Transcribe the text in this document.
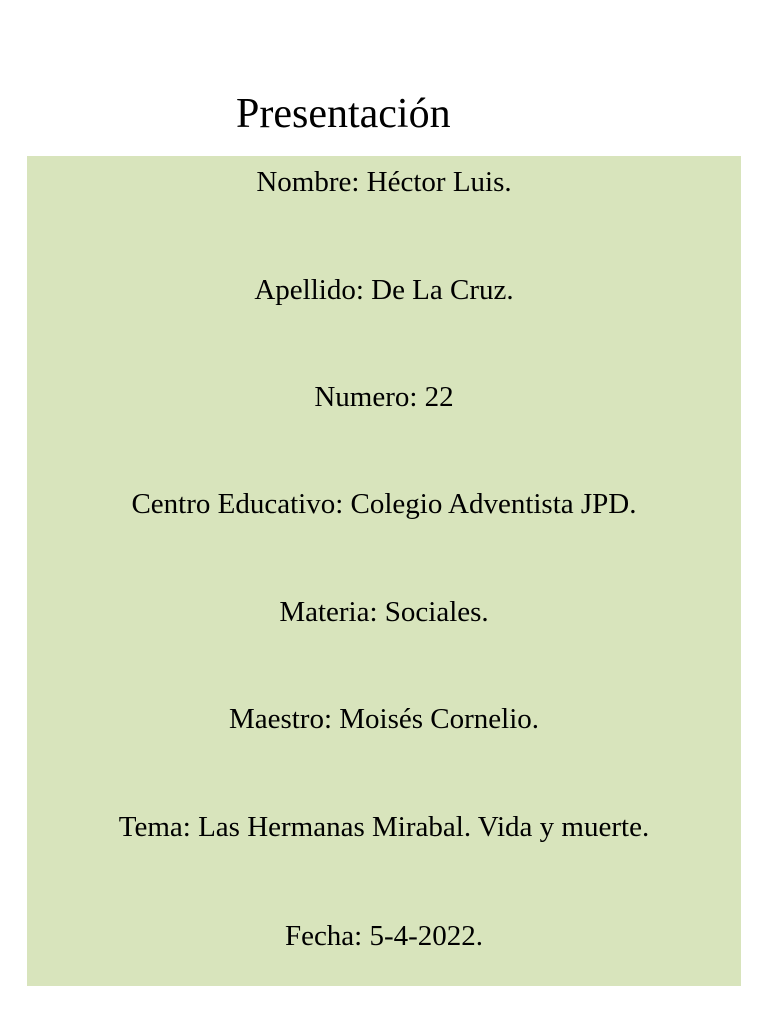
Presentación
Nombre: Héctor Luis.
Apellido: De La Cruz.
Numero: 22
Centro Educativo: Colegio Adventista JPD.
Materia: Sociales.
Maestro: Moisés Cornelio.
Tema: Las Hermanas Mirabal. Vida y muerte.
Fecha: 5-4-2022.
